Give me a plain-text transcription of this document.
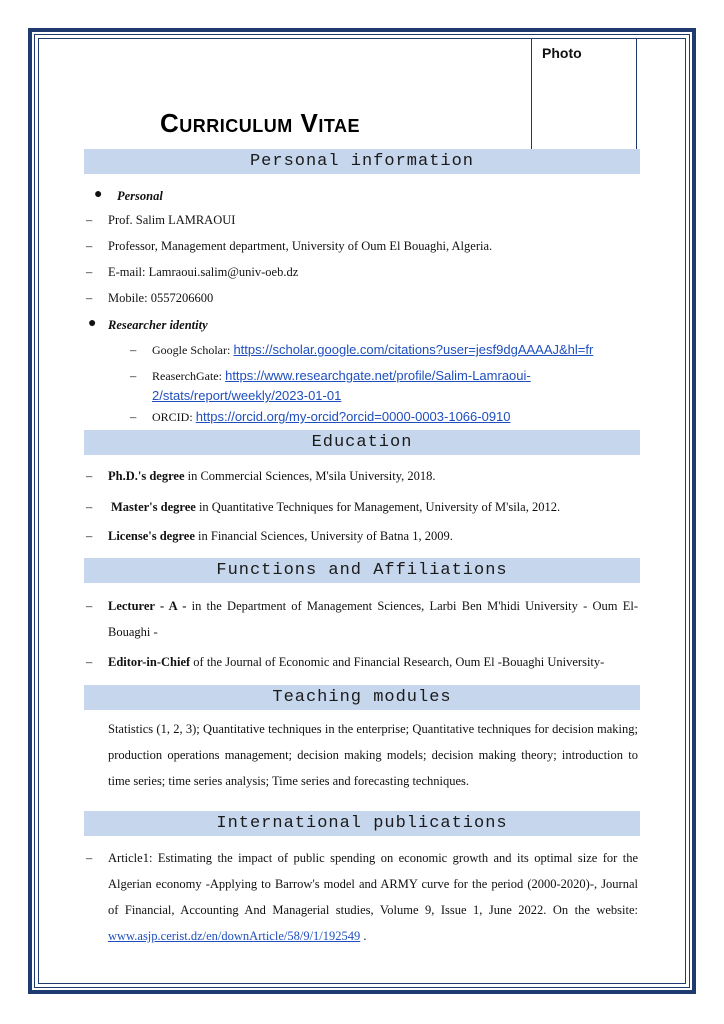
Photo
Curriculum Vitae
Personal information
● Personal
– Prof. Salim LAMRAOUI
– Professor, Management department, University of Oum El Bouaghi, Algeria.
– E-mail: Lamraoui.salim@univ-oeb.dz
– Mobile: 0557206600
● Researcher identity
– Google Scholar: https://scholar.google.com/citations?user=jesf9dgAAAAJ&hl=fr
– ReaserchGate: https://www.researchgate.net/profile/Salim-Lamraoui-
2/stats/report/weekly/2023-01-01
– ORCID: https://orcid.org/my-orcid?orcid=0000-0003-1066-0910
Education
– Ph.D.'s degree in Commercial Sciences, M'sila University, 2018.
– Master's degree in Quantitative Techniques for Management, University of M'sila, 2012.
– License's degree in Financial Sciences, University of Batna 1, 2009.
Functions and Affiliations
– Lecturer - A - in the Department of Management Sciences, Larbi Ben M'hidi University - Oum El-Bouaghi -
– Editor-in-Chief of the Journal of Economic and Financial Research, Oum El -Bouaghi University-
Teaching modules
Statistics (1, 2, 3); Quantitative techniques in the enterprise; Quantitative techniques for decision making; production operations management; decision making models; decision making theory; introduction to time series; time series analysis; Time series and forecasting techniques.
International publications
– Article1: Estimating the impact of public spending on economic growth and its optimal size for the Algerian economy -Applying to Barrow's model and ARMY curve for the period (2000-2020)-, Journal of Financial, Accounting And Managerial studies, Volume 9, Issue 1, June 2022. On the website: www.asjp.cerist.dz/en/downArticle/58/9/1/192549 .
